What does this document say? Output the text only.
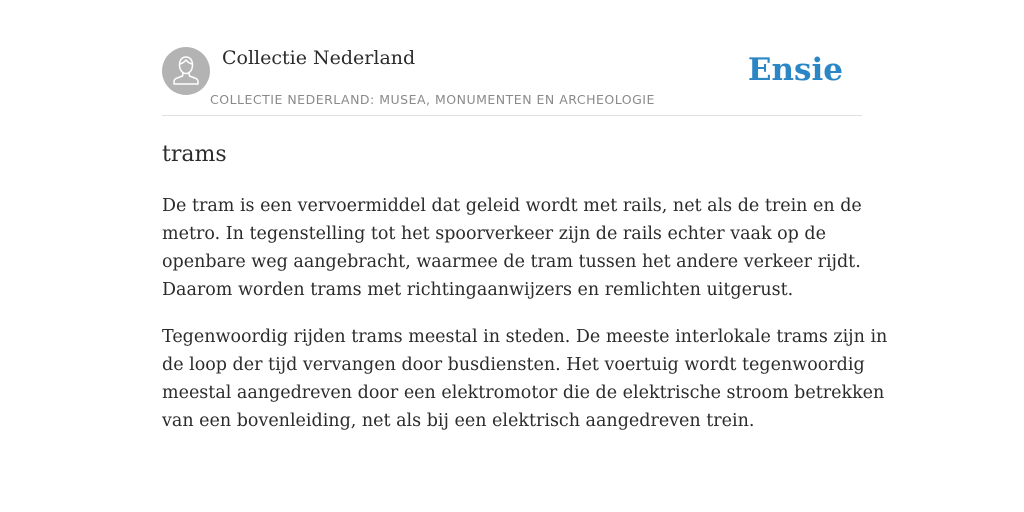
Collectie Nederland
COLLECTIE NEDERLAND: MUSEA, MONUMENTEN EN ARCHEOLOGIE
Ensie
trams

De tram is een vervoermiddel dat geleid wordt met rails, net als de trein en de
metro. In tegenstelling tot het spoorverkeer zijn de rails echter vaak op de
openbare weg aangebracht, waarmee de tram tussen het andere verkeer rijdt.
Daarom worden trams met richtingaanwijzers en remlichten uitgerust.

Tegenwoordig rijden trams meestal in steden. De meeste interlokale trams zijn in
de loop der tijd vervangen door busdiensten. Het voertuig wordt tegenwoordig
meestal aangedreven door een elektromotor die de elektrische stroom betrekken
van een bovenleiding, net als bij een elektrisch aangedreven trein.
